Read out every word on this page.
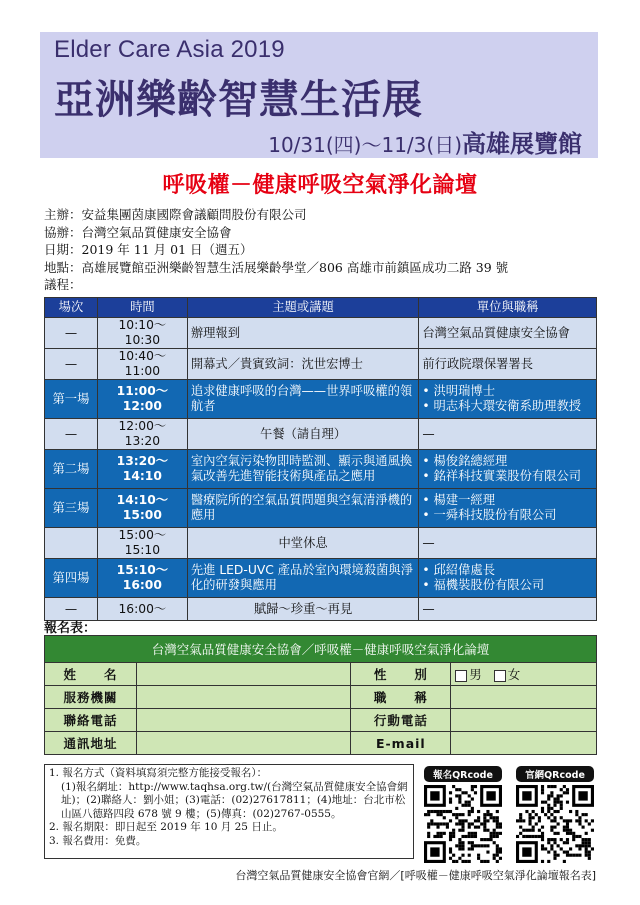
Elder Care Asia 2019
亞洲樂齡智慧生活展
10/31(四)～11/3(日)高雄展覽館
呼吸權－健康呼吸空氣淨化論壇
主辦：安益集團茵康國際會議顧問股份有限公司
協辦：台灣空氣品質健康安全協會
日期：2019 年 11 月 01 日（週五）
地點：高雄展覽館亞洲樂齡智慧生活展樂齡學堂／806 高雄市前鎮區成功二路 39 號
議程：
場次	時間	主題或講題	單位與職稱
—	10:10～10:30	辦理報到	台灣空氣品質健康安全協會
—	10:40～11:00	開幕式／貴賓致詞：沈世宏博士	前行政院環保署署長
第一場	11:00～12:00	追求健康呼吸的台灣——世界呼吸權的領航者	• 洪明瑞博士
• 明志科大環安衛系助理教授
—	12:00～13:20	午餐（請自理）	—
第二場	13:20～14:10	室內空氣污染物即時監測、顯示與通風換氣改善先進智能技術與產品之應用	• 楊俊銘總經理
• 銘祥科技實業股份有限公司
第三場	14:10～15:00	醫療院所的空氣品質問題與空氣清淨機的應用	• 楊建一經理
• 一舜科技股份有限公司
	15:00～15:10	中堂休息	—
第四場	15:10～16:00	先進 LED-UVC 產品於室內環境殺菌與淨化的研發與應用	• 邱紹偉處長
• 福機裝股份有限公司
—	16:00～	賦歸～珍重～再見	—
報名表：
台灣空氣品質健康安全協會／呼吸權－健康呼吸空氣淨化論壇			
姓　　名		性　　別	男 女
服務機關		職　　稱	
聯絡電話		行動電話	
通訊地址		E-mail	
1. 報名方式（資料填寫須完整方能接受報名）：
(1)報名網址：http://www.taqhsa.org.tw/(台灣空氣品質健康安全協會網址)；(2)聯絡人：劉小姐；(3)電話：(02)27617811；(4)地址：台北市松山區八德路四段 678 號 9 樓；(5)傳真：(02)2767-0555。
2. 報名期限：即日起至 2019 年 10 月 25 日止。
3. 報名費用：免費。
報名QRcode	官網QRcode
台灣空氣品質健康安全協會官網／[呼吸權－健康呼吸空氣淨化論壇報名表]
